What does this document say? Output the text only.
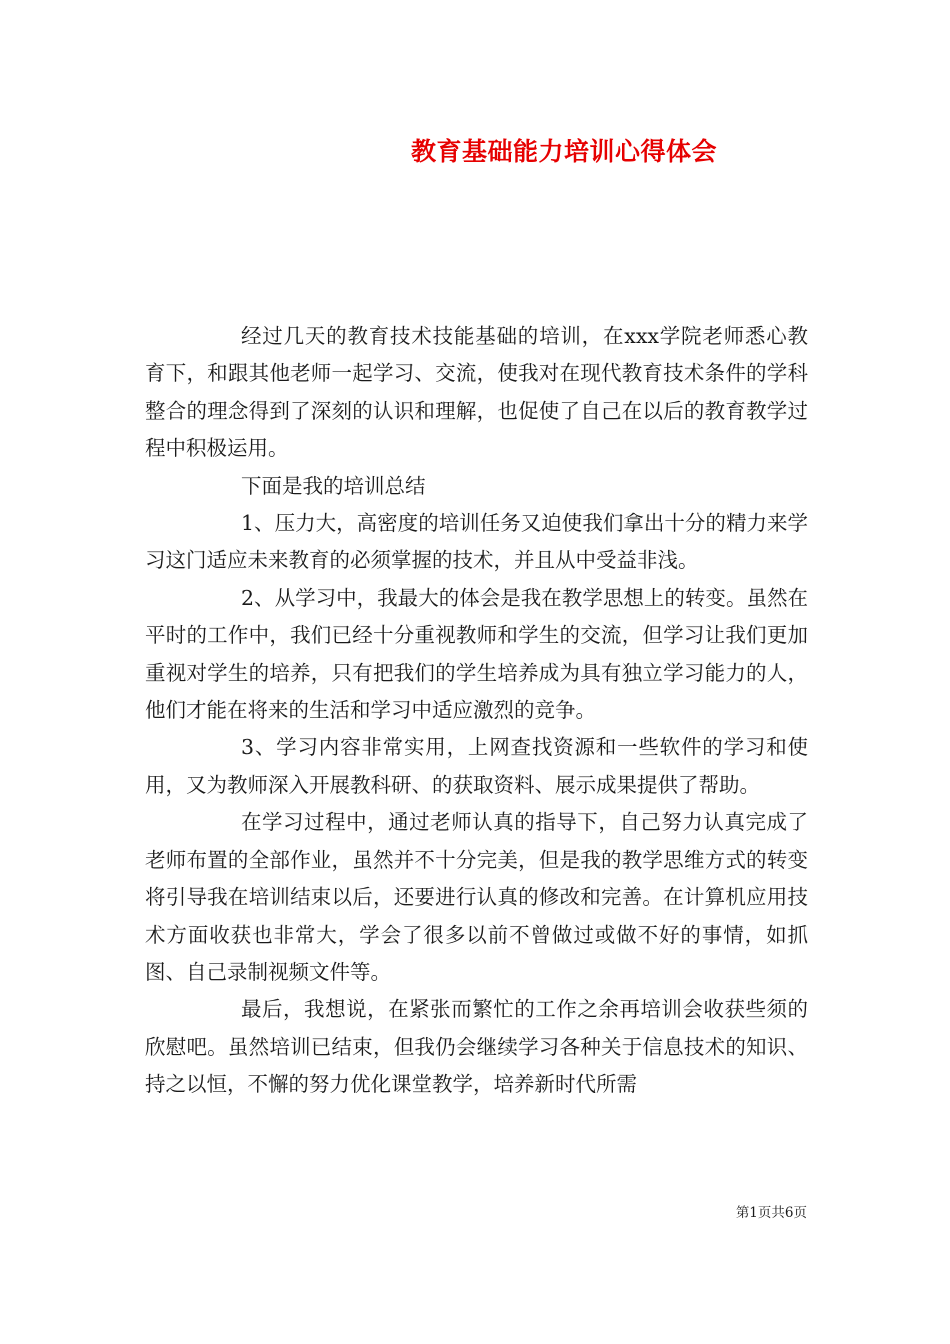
教育基础能力培训心得体会

经过几天的教育技术技能基础的培训，在xxx学院老师悉心教育下，和跟其他老师一起学习、交流，使我对在现代教育技术条件的学科整合的理念得到了深刻的认识和理解，也促使了自己在以后的教育教学过程中积极运用。

下面是我的培训总结

1、压力大，高密度的培训任务又迫使我们拿出十分的精力来学习这门适应未来教育的必须掌握的技术，并且从中受益非浅。

2、从学习中，我最大的体会是我在教学思想上的转变。虽然在平时的工作中，我们已经十分重视教师和学生的交流，但学习让我们更加重视对学生的培养，只有把我们的学生培养成为具有独立学习能力的人，他们才能在将来的生活和学习中适应激烈的竞争。

3、学习内容非常实用，上网查找资源和一些软件的学习和使用，又为教师深入开展教科研、的获取资料、展示成果提供了帮助。

在学习过程中，通过老师认真的指导下，自己努力认真完成了老师布置的全部作业，虽然并不十分完美，但是我的教学思维方式的转变将引导我在培训结束以后，还要进行认真的修改和完善。在计算机应用技术方面收获也非常大，学会了很多以前不曾做过或做不好的事情，如抓图、自己录制视频文件等。

最后，我想说，在紧张而繁忙的工作之余再培训会收获些须的欣慰吧。虽然培训已结束，但我仍会继续学习各种关于信息技术的知识、持之以恒，不懈的努力优化课堂教学，培养新时代所需

第1页共6页
